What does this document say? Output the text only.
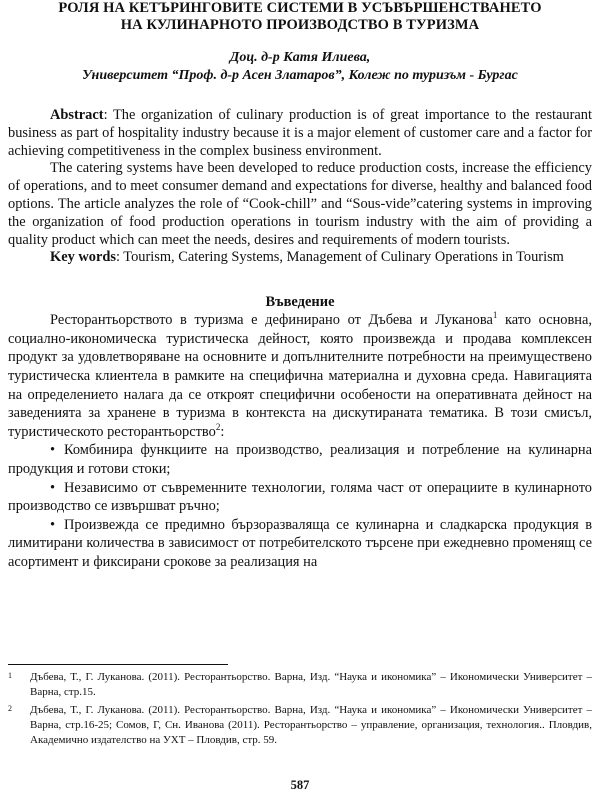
РОЛЯ НА КЕТЪРИНГОВИТЕ СИСТЕМИ В УСЪВЪРШЕНСТВАНЕТО
НА КУЛИНАРНОТО ПРОИЗВОДСТВО В ТУРИЗМА
Доц. д-р Катя Илиева,
Университет “Проф. д-р Асен Златаров”, Колеж по туризъм - Бургас

Abstract: The organization of culinary production is of great importance to the restaurant business as part of hospitality industry because it is a major element of customer care and a factor for achieving competitiveness in the complex business environment.

The catering systems have been developed to reduce production costs, increase the efficiency of operations, and to meet consumer demand and expectations for diverse, healthy and balanced food options. The article analyzes the role of “Cook-chill” and “Sous-vide”catering systems in improving the organization of food production operations in tourism industry with the aim of providing a quality product which can meet the needs, desires and requirements of modern tourists.

Key words: Tourism, Catering Systems, Management of Culinary Operations in Tourism

Въведение

Ресторантьорството в туризма е дефинирано от Дъбева и Луканова$^1$ като основна, социално-икономическа туристическа дейност, която произвежда и продава комплексен продукт за удовлетворяване на основните и допълнителните потребности на преимуществено туристическа клиентела в рамките на специфична материална и духовна среда. Навигацията на определението налага да се откроят специфични особености на оперативната дейност на заведенията за хранене в туризма в контекста на дискутираната тематика. В този смисъл, туристическото ресторантьорство$^2$:

• Комбинира функциите на производство, реализация и потребление на кулинарна продукция и готови стоки;

• Независимо от съвременните технологии, голяма част от операциите в кулинарното производство се извършват ръчно;

• Произвежда се предимно бързоразваляща се кулинарна и сладкарска продукция в лимитирани количества в зависимост от потребителското търсене при ежедневно променящ се асортимент и фиксирани срокове за реализация на

1 Дъбева, Т., Г. Луканова. (2011). Ресторантьорство. Варна, Изд. “Наука и икономика” – Икономически Университет – Варна, стр.15.
2 Дъбева, Т., Г. Луканова. (2011). Ресторантьорство. Варна, Изд. “Наука и икономика” – Икономически Университет – Варна, стр.16-25; Сомов, Г, Сн. Иванова (2011). Ресторантьорство – управление, организация, технология.. Пловдив, Академично издателство на УХТ – Пловдив, стр. 59.
587
